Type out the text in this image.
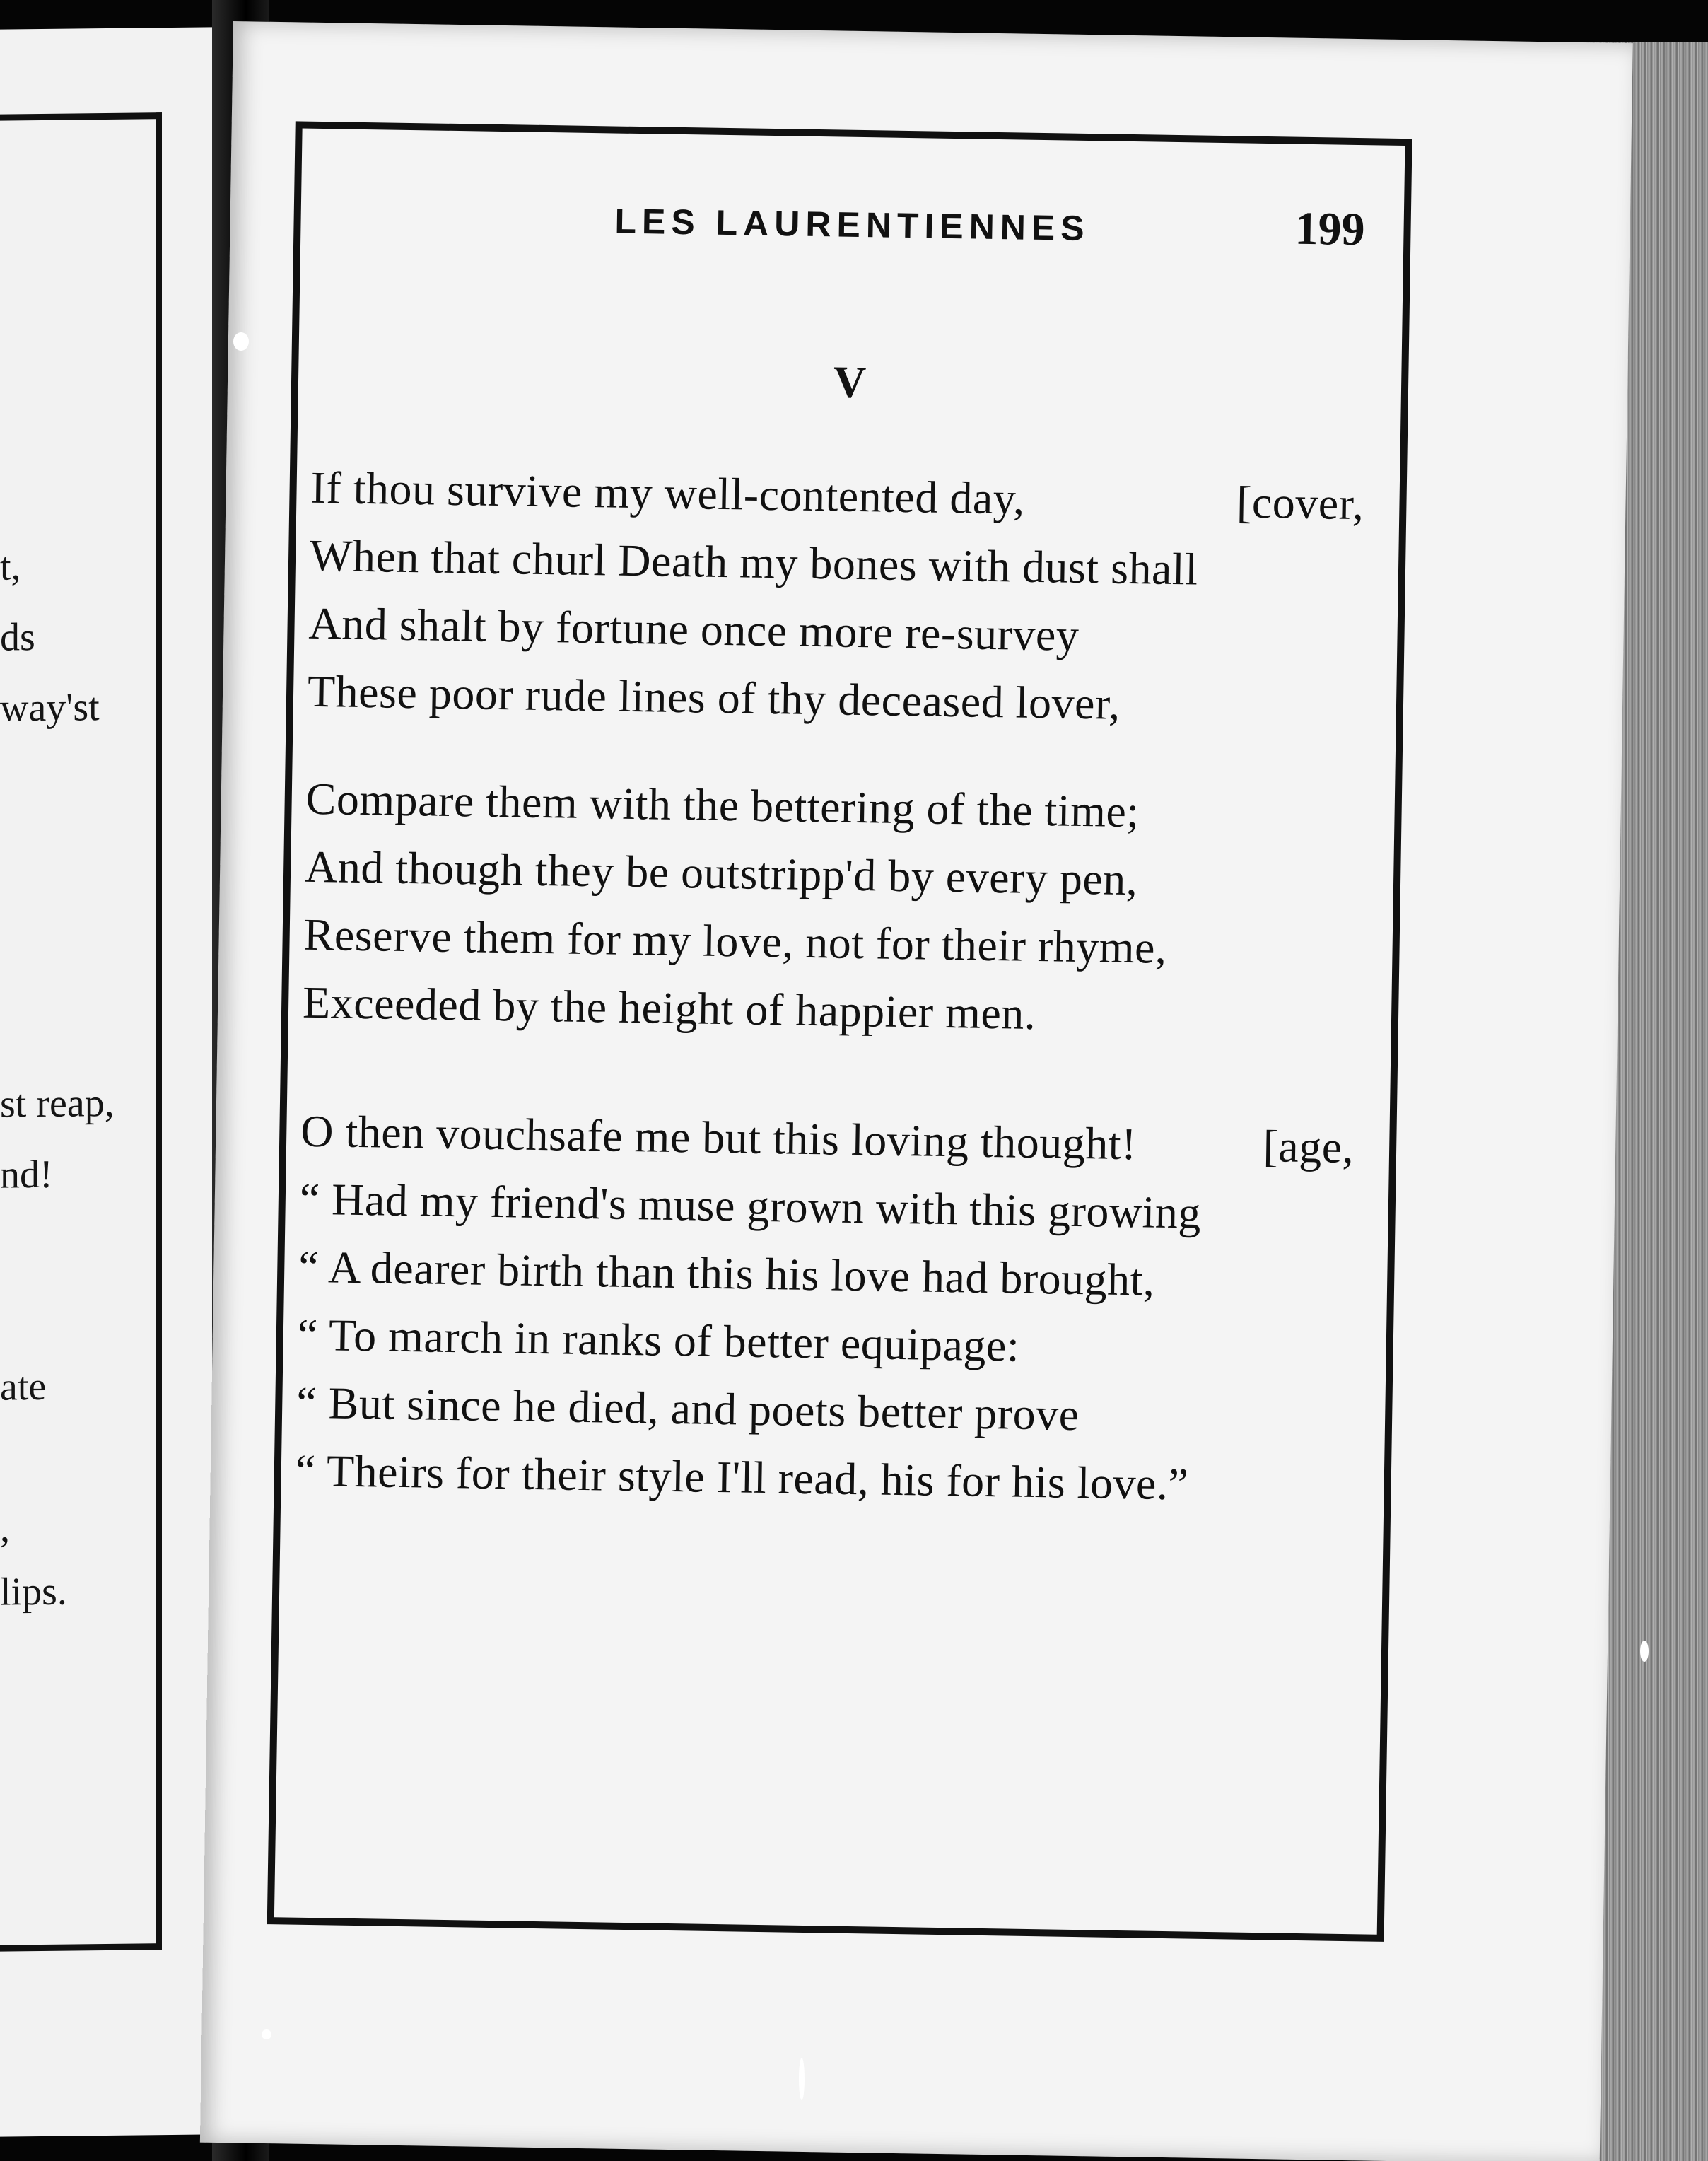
t,
ds
way'st
st reap,
nd!
ate
,
lips.
LES LAURENTIENNES	199
V
If thou survive my well-contented day,	[cover,
When that churl Death my bones with dust shall
And shalt by fortune once more re-survey
These poor rude lines of thy deceased lover,
Compare them with the bettering of the time;
And though they be outstripp'd by every pen,
Reserve them for my love, not for their rhyme,
Exceeded by the height of happier men.
O then vouchsafe me but this loving thought!	[age,
“ Had my friend's muse grown with this growing
“ A dearer birth than this his love had brought,
“ To march in ranks of better equipage:
“ But since he died, and poets better prove
“ Theirs for their style I'll read, his for his love.”
